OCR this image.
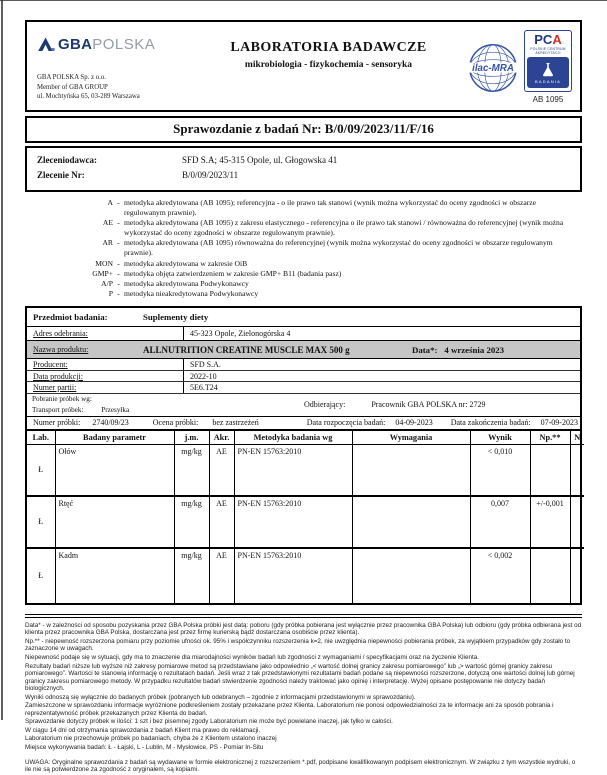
GBA POLSKA
GBA POLSKA Sp. z o.o.
Member of GBA GROUP
ul. Mochtyńska 65, 03-289 Warszawa
LABORATORIA BADAWCZE
mikrobiologia - fizykochemia - sensoryka	ilac-MRA
PCA
POLSKIE CENTRUM AKREDYTACJI
BADANIA
AB 1095
Sprawozdanie z badań Nr: B/0/09/2023/11/F/16
Zleceniodawca:	SFD S.A; 45-315 Opole, ul. Głogowska 41
Zlecenie Nr:	B/0/09/2023/11
A - metodyka akredytowana (AB 1095); referencyjna - o ile prawo tak stanowi (wynik można wykorzystać do oceny zgodności w obszarze regulowanym prawnie).
AE - metodyka akredytowana (AB 1095) z zakresu elastycznego - referencyjna o ile prawo tak stanowi / równoważna do referencyjnej (wynik można wykorzystać do oceny zgodności w obszarze regulowanym prawnie).
AR - metodyka akredytowana (AB 1095) równoważna do referencyjnej (wynik można wykorzystać do oceny zgodności w obszarze regulowanym prawnie).
MON - metodyka akredytowana w zakresie OiB
GMP+ - metodyka objęta zatwierdzeniem w zakresie GMP+ B11 (badania pasz)
A/P - metodyka akredytowana Podwykonawcy
P - metodyka nieakredytowana Podwykonawcy
Przedmiot badania:	Suplementy diety
Adres odebrania:	45-323 Opole, Zielonogórska 4
Nazwa produktu:	ALLNUTRITION CREATINE MUSCLE MAX 500 g	Data*: 4 września 2023
Producent:	SFD S.A.
Data produkcji:	2022-10
Numer partii:	5E6.T24
Pobranie próbek wg:
Transport próbek: Przesyłka
Odbierający:	Pracownik GBA POLSKA nr: 2729
Numer próbki: 2740/09/23	Ocena próbki: bez zastrzeżeń	Data rozpoczęcia badań: 04-09-2023 Data zakończenia badań: 07-09-2023
Lab.	Badany parametr	j.m.	Akr.	Metodyka badania wg	Wymagania	Wynik	Np.**	N
Ł	Ołów	mg/kg	AE	PN-EN 15763:2010		< 0,010		
Ł	Rtęć	mg/kg	AE	PN-EN 15763:2010		0,007	+/-0,001	
Ł	Kadm	mg/kg	AE	PN-EN 15763:2010		< 0,002		

Data* - w zależności od sposobu pozyskania przez GBA Polska próbki jest datą: poboru (gdy próbka pobierana jest wyłącznie przez pracownika GBA Polska) lub odbioru (gdy próbka odbierana jest od klienta przez pracownika GBA Polska, dostarczana jest przez firmę kurierską bądź dostarczana osobiście przez klienta).

Np.** - niepewność rozszerzona pomiaru przy poziomie ufności ok. 95% i współczynniku rozszerzenia k=2, nie uwzględnia niepewności pobierania próbek, za wyjątkiem przypadków gdy zostało to zaznaczone w uwagach.

Niepewność podaje się w sytuacji, gdy ma to znaczenie dla miarodajności wyników badań lub zgodności z wymaganiami / specyfikacjami oraz na życzenie Klienta.

Rezultaty badań niższe lub wyższe niż zakresy pomiarowe metod są przedstawiane jako odpowiednio „< wartość dolnej granicy zakresu pomiarowego” lub „> wartość górnej granicy zakresu pomiarowego”. Wartości te stanowią informację o rezultatach badań. Jeśli wraz z tak przedstawionymi rezultatami badań podane są niepewności rozszerzone, dotyczą one wartości dolnej lub górnej granicy zakresu pomiarowego metody. W przypadku rezultatów badań stwierdzenie zgodności należy traktować jako opinię i interpretację. Wyżej opisane postępowanie nie dotyczy badań biologicznych.

Wyniki odnoszą się wyłącznie do badanych próbek (pobranych lub odebranych – zgodnie z informacjami przedstawionymi w sprawozdaniu).

Zamieszczone w sprawozdaniu informacje wyróżnione podkreśleniem zostały przekazane przez Klienta. Laboratorium nie ponosi odpowiedzialności za te informacje ani za sposób pobrania i reprezentatywność próbek przekazanych przez Klienta do badań.

Sprawozdanie dotyczy próbek w ilości: 1 szt i bez pisemnej zgody Laboratorium nie może być powielane inaczej, jak tylko w całości.

W ciągu 14 dni od otrzymania sprawozdania z badań Klient ma prawo do reklamacji.

Laboratorium nie przechowuje próbek po badaniach, chyba że z Klientem ustalono inaczej

Miejsce wykonywania badań: Ł - Łajski, L - Lublin, M - Mysłowice, PS - Pomiar In-Situ

UWAGA: Oryginalne sprawozdania z badań są wydawane w formie elektronicznej z rozszerzeniem *.pdf, podpisane kwalifikowanym podpisem elektronicznym. W związku z tym wszystkie wydruki, o ile nie są potwierdzone za zgodność z oryginałem, są kopiami.
